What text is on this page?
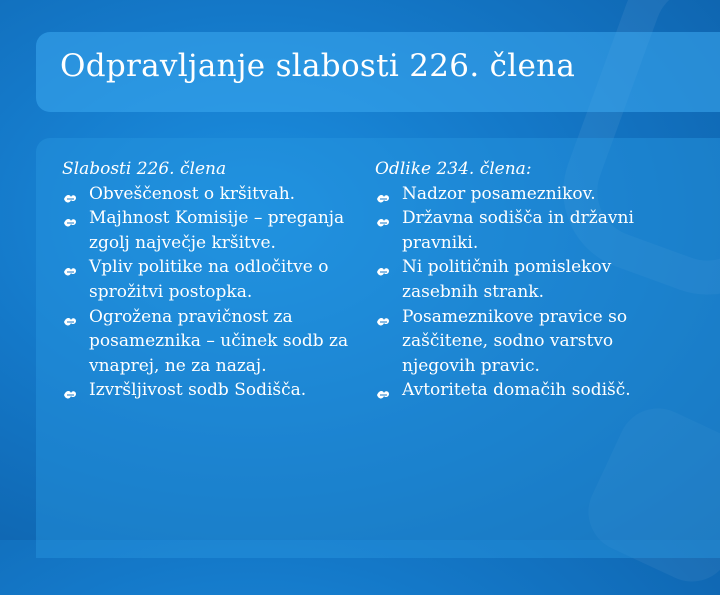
Odpravljanje slabosti 226. člena

Slabosti 226. člena

Obveščenost o kršitvah.
Majhnost Komisije – preganja zgolj največje kršitve.
Vpliv politike na odločitve o sprožitvi postopka.
Ogrožena pravičnost za posameznika – učinek sodb za vnaprej, ne za nazaj.
Izvršljivost sodb Sodišča.

Odlike 234. člena:

Nadzor posameznikov.
Državna sodišča in državni pravniki.
Ni političnih pomislekov zasebnih strank.
Posameznikove pravice so zaščitene, sodno varstvo njegovih pravic.
Avtoriteta domačih sodišč.
